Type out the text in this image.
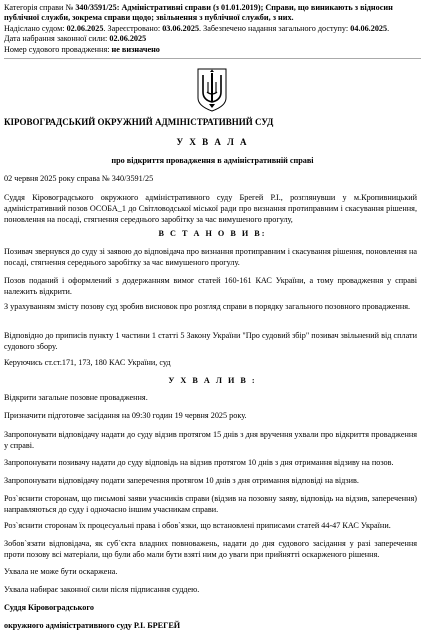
Категорія справи № 340/3591/25: Адміністративні справи (з 01.01.2019); Справи, що виникають з відносин
публічної служби, зокрема справи щодо; звільнення з публічної служби, з них.
Надіслано судом: 02.06.2025. Зареєстровано: 03.06.2025. Забезпечено надання загального доступу: 04.06.2025.
Дата набрання законної сили: 02.06.2025
Номер судового провадження: не визначено
КІРОВОГРАДСЬКИЙ ОКРУЖНИЙ АДМІНІСТРАТИВНИЙ СУД
У Х В А Л А
про відкриття провадження в адміністративній справі
02 червня 2025 року справа № 340/3591/25
Суддя Кіровоградського окружного адміністративного суду Брегей Р.І., розглянувши у м.Кропивницький адміністративний позов ОСОБА_1 до Світловодської міської ради про визнання протиправним і скасування рішення, поновлення на посаді, стягнення середнього заробітку за час вимушеного прогулу,
В С Т А Н О В И В:
Позивач звернувся до суду зі заявою до відповідача про визнання протиправним і скасування рішення, поновлення на посаді, стягнення середнього заробітку за час вимушеного прогулу.
Позов поданий і оформлений з додержанням вимог статей 160-161 КАС України, а тому провадження у справі належить відкрити.
З урахуванням змісту позову суд зробив висновок про розгляд справи в порядку загального позовного провадження.
Відповідно до приписів пункту 1 частини 1 статті 5 Закону України "Про судовий збір" позивач звільнений від сплати судового збору.
Керуючись ст.ст.171, 173, 180 КАС України, суд
У Х В А Л И В :
Відкрити загальне позовне провадження.
Призначити підготовче засідання на 09:30 годин 19 червня 2025 року.
Запропонувати відповідачу надати до суду відзив протягом 15 днів з дня вручення ухвали про відкриття провадження у справі.
Запропонувати позивачу надати до суду відповідь на відзив протягом 10 днів з дня отримання відзиву на позов.
Запропонувати відповідачу подати заперечення протягом 10 днів з дня отримання відповіді на відзив.
Роз`яснити сторонам, що письмові заяви учасників справи (відзив на позовну заяву, відповідь на відзив, заперечення) направляються до суду і одночасно іншим учасникам справи.
Роз`яснити сторонам їх процесуальні права і обов`язки, що встановлені приписами статей 44-47 КАС України.
Зобов`язати відповідача, як суб`єкта владних повноважень, надати до дня судового засідання у разі заперечення проти позову всі матеріали, що були або мали бути взяті ним до уваги при прийнятті оскарженого рішення.
Ухвала не може бути оскаржена.
Ухвала набирає законної сили після підписання суддею.
Суддя Кіровоградського
окружного адміністративного суду Р.І. БРЕГЕЙ
